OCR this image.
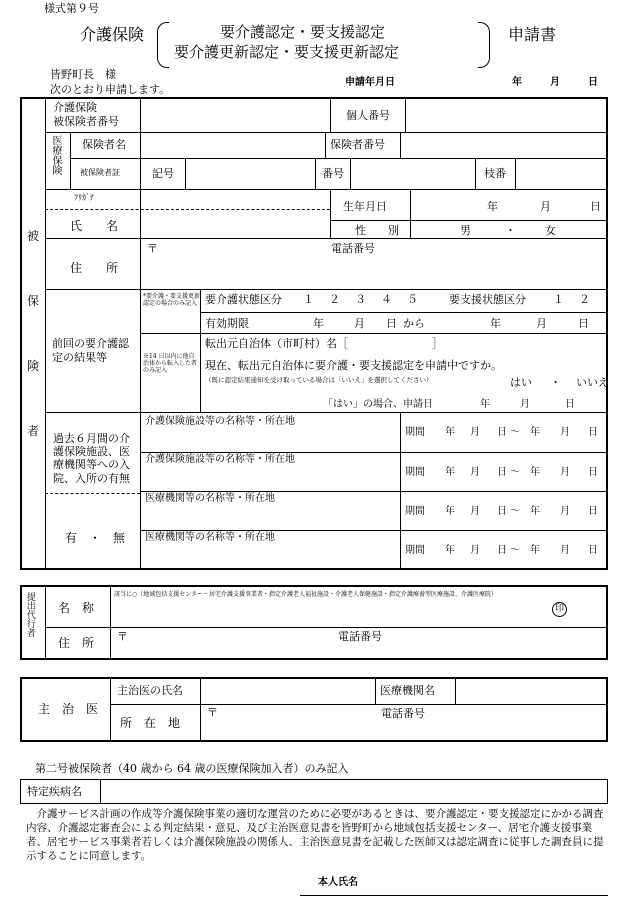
様式第９号
介護保険	要介護認定・要支援認定
要介護更新認定・要支援更新認定
申請書
皆野町長　様
次のとおり申請します。
申請年月日	年	月	日
被
保
険
者
介護保険
被保険者番号	個人番号
医療保険 保険者名	保険者番号
被保険者証	記号	番号	枝番
ﾌﾘｶﾞﾅ
氏　　名
生年月日	年	月	日
性　　別	男	・	女
住　　所
〒	電話番号
前回の要介護認定の結果等
*要介護・要支援更新認定の場合のみ記入 要介護状態区分 １ ２ ３ ４ ５	要支援状態区分 １ ２
有効期限	年	月 日 から	年	月	日
※14 日以内に他自治体から転入した者のみ記入
転出元自治体（市町村）名［	］
現在、転出元自治体に要介護・要支援認定を申請中ですか。
（既に認定結果通知を受け取っている場合は「いいえ」を選択してください）	はい ・ いいえ
「はい」の場合、申請日	年	月	日
過去６月間の介護保険施設、医療機関等への入院、入所の有無
有　・　無
介護保険施設等の名称等・所在地
期間 年 月 日 ～ 年 月 日
介護保険施設等の名称等・所在地
期間 年 月 日 ～ 年 月 日
医療機関等の名称等・所在地
期間 年 月 日 ～ 年 月 日
医療機関等の名称等・所在地
期間 年 月 日 ～ 年 月 日
提出代行者 名　称
該当に○（地域包括支援センター・居宅介護支援事業者・指定介護老人福祉施設・介護老人保健施設・指定介護療養型医療施設、介護医療院）
印
住　所 〒	電話番号
主　治　医
主治医の氏名	医療機関名
所　在　地
〒	電話番号
第二号被保険者（40 歳から 64 歳の医療保険加入者）のみ記入
特定疾病名
介護サービス計画の作成等介護保険事業の適切な運営のために必要があるときは、要介護認定・要支援認定にかかる調査内容、介護認定審査会による判定結果・意見、及び主治医意見書を皆野町から地域包括支援センター、居宅介護支援事業者、居宅サービス事業者若しくは介護保険施設の関係人、主治医意見書を記載した医師又は認定調査に従事した調査員に提示することに同意します。
本人氏名
